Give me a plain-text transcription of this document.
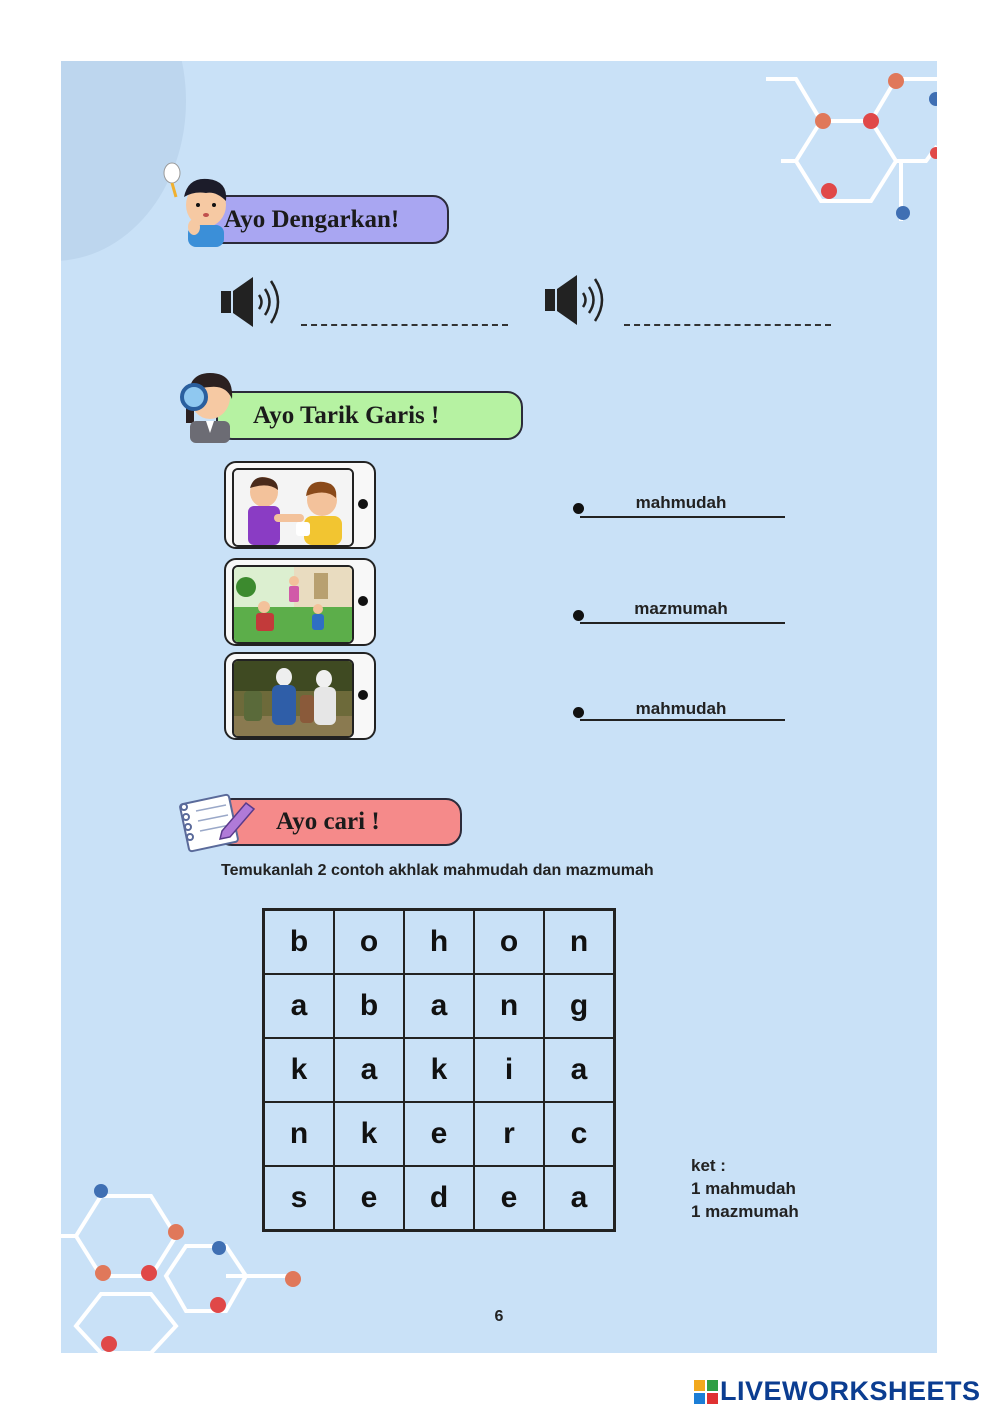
Ayo Dengarkan!
Ayo Tarik Garis !
mahmudah
mazmumah
mahmudah
Ayo cari !
Temukanlah 2 contoh akhlak mahmudah dan mazmumah
b	o	h	o	n
a	b	a	n	g
k	a	k	i	a
n	k	e	r	c
s	e	d	e	a
ket :
1 mahmudah
1 mazmumah
6
LIVEWORKSHEETS
